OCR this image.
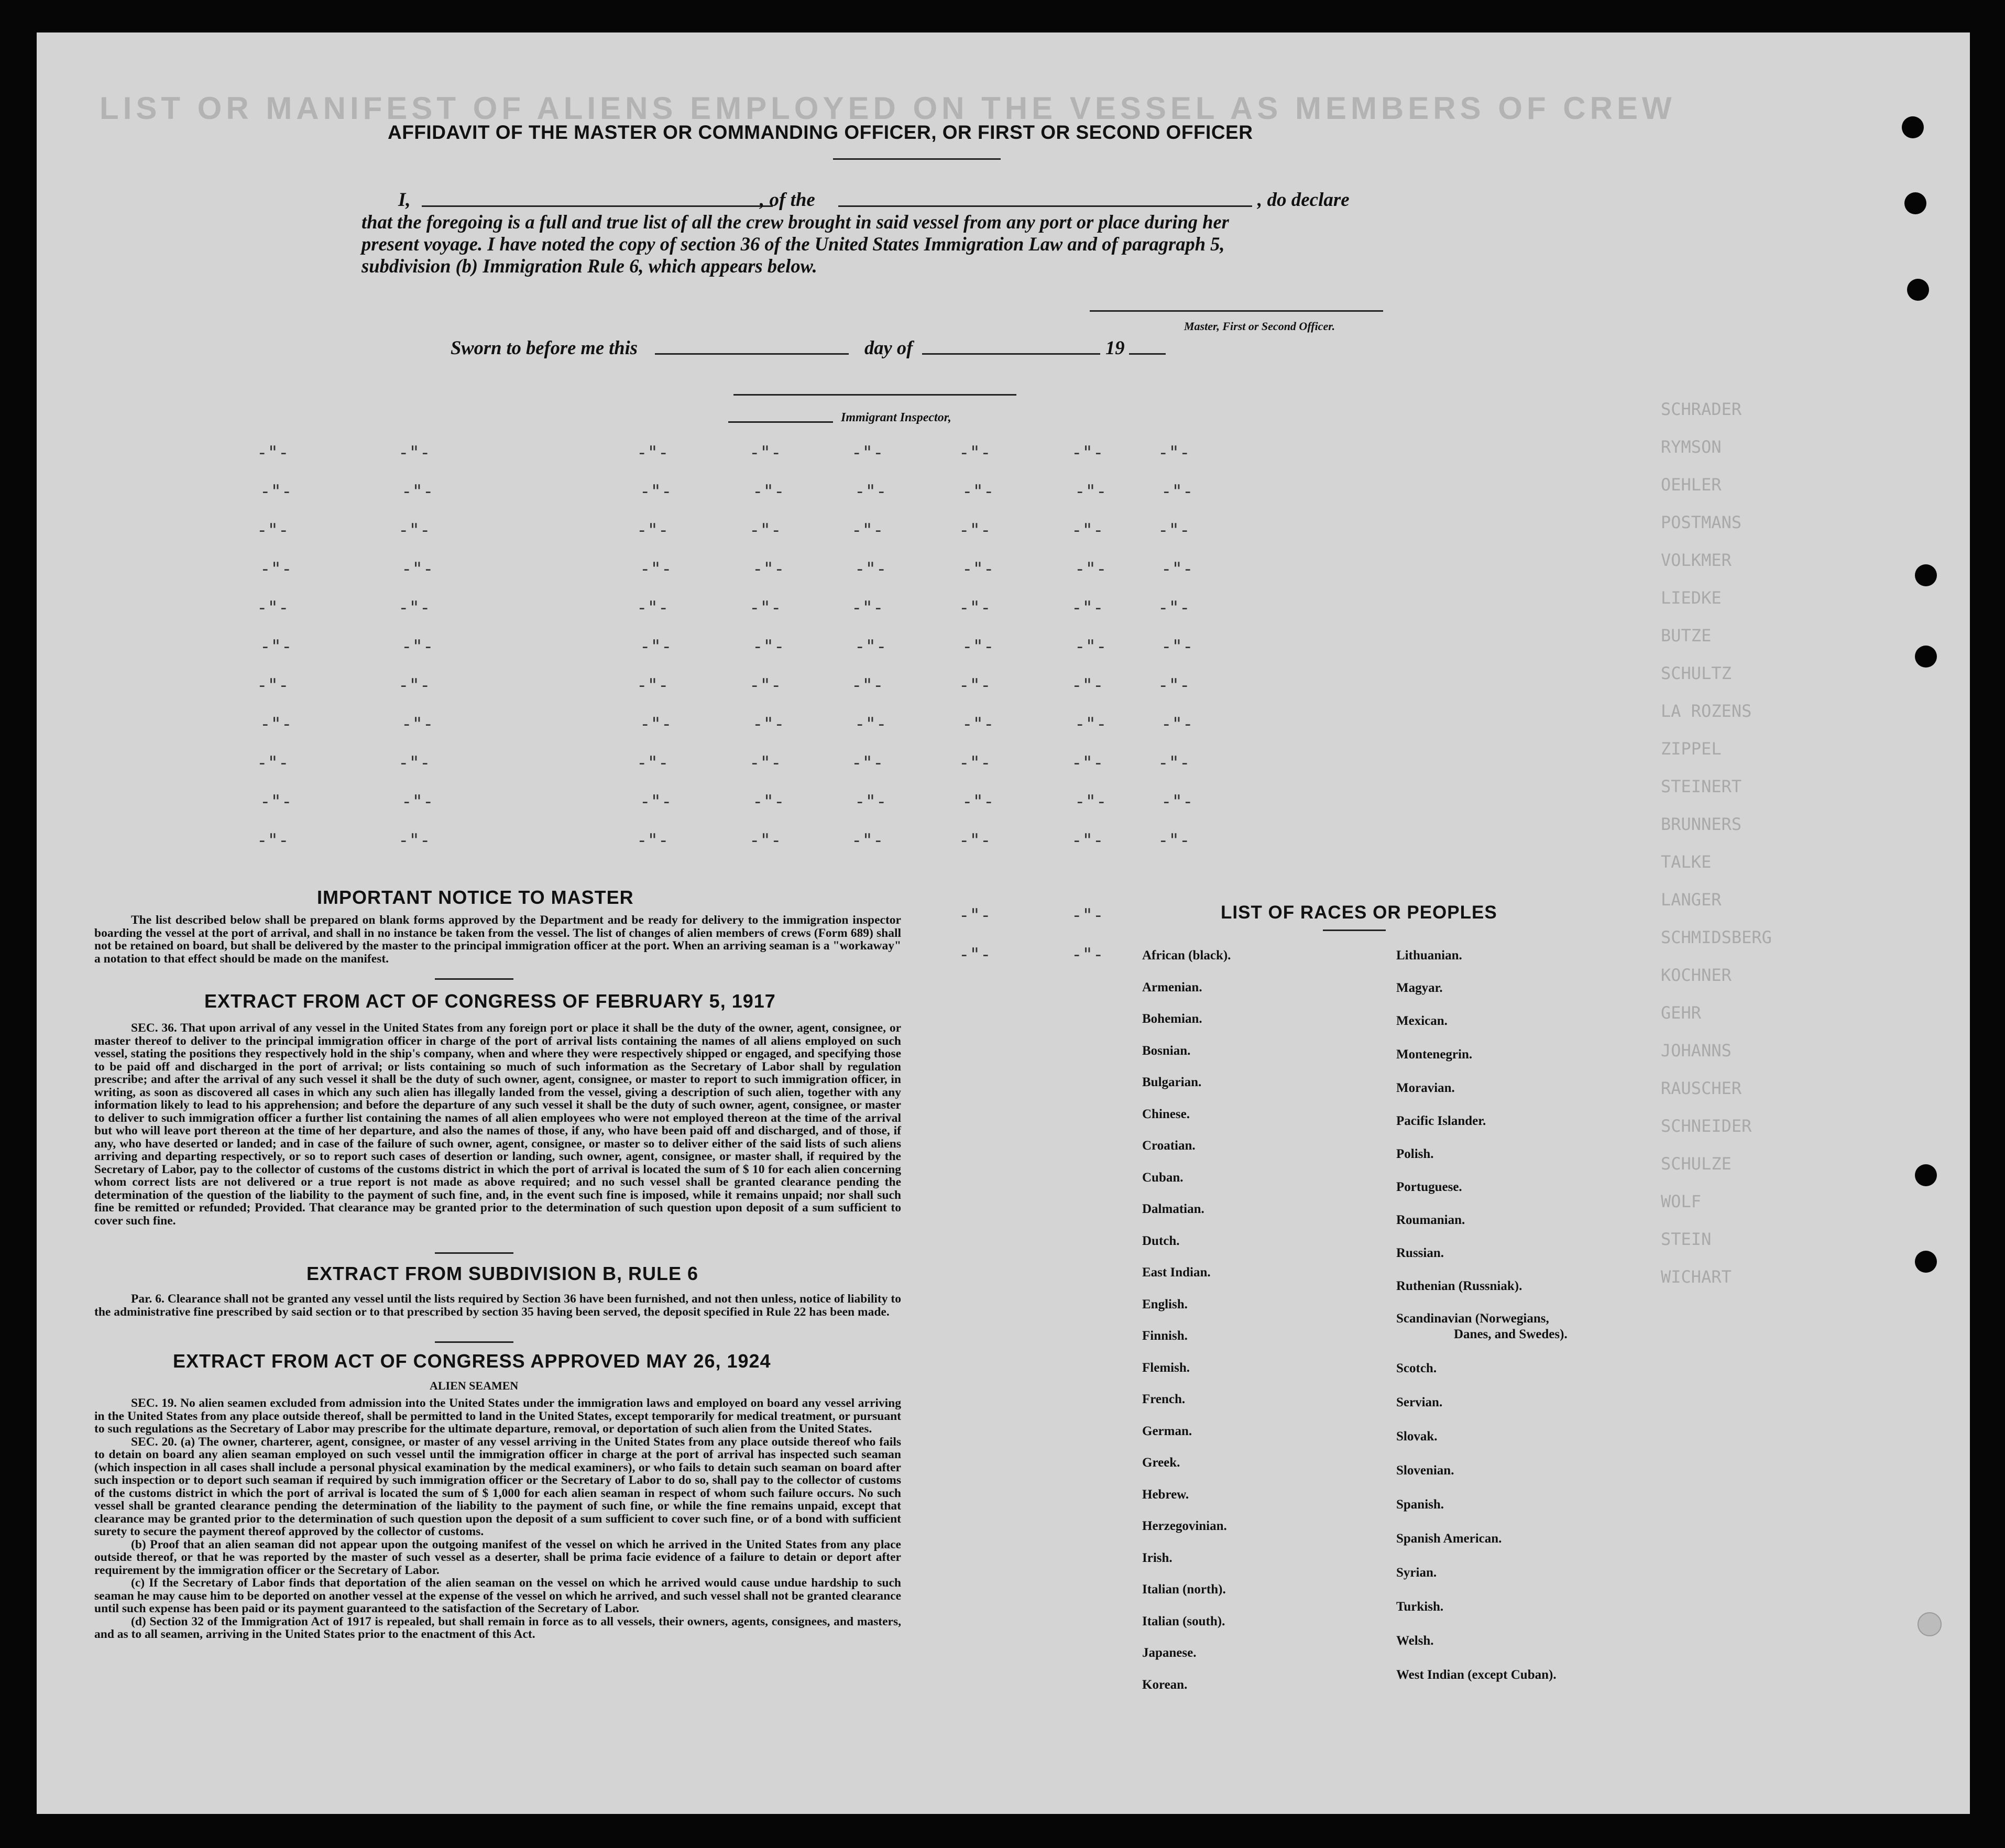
LIST OR MANIFEST OF ALIENS EMPLOYED ON THE VESSEL AS MEMBERS OF CREW
SCHRADER
RYMSON
OEHLER
POSTMANS
VOLKMER
LIEDKE
BUTZE
SCHULTZ
LA ROZENS
ZIPPEL
STEINERT
BRUNNERS
TALKE
LANGER
SCHMIDSBERG
KOCHNER
GEHR
JOHANNS
RAUSCHER
SCHNEIDER
SCHULZE
WOLF
STEIN
WICHART
AFFIDAVIT OF THE MASTER OR COMMANDING OFFICER, OR FIRST OR SECOND OFFICER
I,	, of the	, do declare
that the foregoing is a full and true list of all the crew brought in said vessel from any port or place during her
present voyage. I have noted the copy of section 36 of the United States Immigration Law and of paragraph 5,
subdivision (b) Immigration Rule 6, which appears below.
Master, First or Second Officer.
Sworn to before me this	day of	19
Immigrant Inspector,
-"-	-"-	-"-	-"-	-"-	-"-	-"-	-"-
-"-	-"-	-"-	-"-	-"-	-"-	-"-	-"-
-"-	-"-	-"-	-"-	-"-	-"-	-"-	-"-
-"-	-"-	-"-	-"-	-"-	-"-	-"-	-"-
-"-	-"-	-"-	-"-	-"-	-"-	-"-	-"-
-"-	-"-	-"-	-"-	-"-	-"-	-"-	-"-
-"-	-"-	-"-	-"-	-"-	-"-	-"-	-"-
-"-	-"-	-"-	-"-	-"-	-"-	-"-	-"-
-"-	-"-	-"-	-"-	-"-	-"-	-"-	-"-
-"-	-"-	-"-	-"-	-"-	-"-	-"-	-"-
-"-	-"-	-"-	-"-	-"-	-"-	-"-	-"-
-"-	-"-
-"-	-"-
IMPORTANT NOTICE TO MASTER

The list described below shall be prepared on blank forms approved by the Department and be ready for delivery to the immigration inspector boarding the vessel at the port of arrival, and shall in no instance be taken from the vessel. The list of changes of alien members of crews (Form 689) shall not be retained on board, but shall be delivered by the master to the principal immigration officer at the port. When an arriving seaman is a "workaway" a notation to that effect should be made on the manifest.

EXTRACT FROM ACT OF CONGRESS OF FEBRUARY 5, 1917

SEC. 36. That upon arrival of any vessel in the United States from any foreign port or place it shall be the duty of the owner, agent, consignee, or master thereof to deliver to the principal immigration officer in charge of the port of arrival lists containing the names of all aliens employed on such vessel, stating the positions they respectively hold in the ship's company, when and where they were respectively shipped or engaged, and specifying those to be paid off and discharged in the port of arrival; or lists containing so much of such information as the Secretary of Labor shall by regulation prescribe; and after the arrival of any such vessel it shall be the duty of such owner, agent, consignee, or master to report to such immigration officer, in writing, as soon as discovered all cases in which any such alien has illegally landed from the vessel, giving a description of such alien, together with any information likely to lead to his apprehension; and before the departure of any such vessel it shall be the duty of such owner, agent, consignee, or master to deliver to such immigration officer a further list containing the names of all alien employees who were not employed thereon at the time of the arrival but who will leave port thereon at the time of her departure, and also the names of those, if any, who have been paid off and discharged, and of those, if any, who have deserted or landed; and in case of the failure of such owner, agent, consignee, or master so to deliver either of the said lists of such aliens arriving and departing respectively, or so to report such cases of desertion or landing, such owner, agent, consignee, or master shall, if required by the Secretary of Labor, pay to the collector of customs of the customs district in which the port of arrival is located the sum of $ 10 for each alien concerning whom correct lists are not delivered or a true report is not made as above required; and no such vessel shall be granted clearance pending the determination of the question of the liability to the payment of such fine, and, in the event such fine is imposed, while it remains unpaid; nor shall such fine be remitted or refunded; Provided. That clearance may be granted prior to the determination of such question upon deposit of a sum sufficient to cover such fine.

EXTRACT FROM SUBDIVISION B, RULE 6

Par. 6. Clearance shall not be granted any vessel until the lists required by Section 36 have been furnished, and not then unless, notice of liability to the administrative fine prescribed by said section or to that prescribed by section 35 having been served, the deposit specified in Rule 22 has been made.

EXTRACT FROM ACT OF CONGRESS APPROVED MAY 26, 1924
ALIEN SEAMEN

SEC. 19. No alien seamen excluded from admission into the United States under the immigration laws and employed on board any vessel arriving in the United States from any place outside thereof, shall be permitted to land in the United States, except temporarily for medical treatment, or pursuant to such regulations as the Secretary of Labor may prescribe for the ultimate departure, removal, or deportation of such alien from the United States.

SEC. 20. (a) The owner, charterer, agent, consignee, or master of any vessel arriving in the United States from any place outside thereof who fails to detain on board any alien seaman employed on such vessel until the immigration officer in charge at the port of arrival has inspected such seaman (which inspection in all cases shall include a personal physical examination by the medical examiners), or who fails to detain such seaman on board after such inspection or to deport such seaman if required by such immigration officer or the Secretary of Labor to do so, shall pay to the collector of customs of the customs district in which the port of arrival is located the sum of $ 1,000 for each alien seaman in respect of whom such failure occurs. No such vessel shall be granted clearance pending the determination of the liability to the payment of such fine, or while the fine remains unpaid, except that clearance may be granted prior to the determination of such question upon the deposit of a sum sufficient to cover such fine, or of a bond with sufficient surety to secure the payment thereof approved by the collector of customs.

(b) Proof that an alien seaman did not appear upon the outgoing manifest of the vessel on which he arrived in the United States from any place outside thereof, or that he was reported by the master of such vessel as a deserter, shall be prima facie evidence of a failure to detain or deport after requirement by the immigration officer or the Secretary of Labor.

(c) If the Secretary of Labor finds that deportation of the alien seaman on the vessel on which he arrived would cause undue hardship to such seaman he may cause him to be deported on another vessel at the expense of the vessel on which he arrived, and such vessel shall not be granted clearance until such expense has been paid or its payment guaranteed to the satisfaction of the Secretary of Labor.

(d) Section 32 of the Immigration Act of 1917 is repealed, but shall remain in force as to all vessels, their owners, agents, consignees, and masters, and as to all seamen, arriving in the United States prior to the enactment of this Act.

LIST OF RACES OR PEOPLES
African (black).
Armenian.
Bohemian.
Bosnian.
Bulgarian.
Chinese.
Croatian.
Cuban.
Dalmatian.
Dutch.
East Indian.
English.
Finnish.
Flemish.
French.
German.
Greek.
Hebrew.
Herzegovinian.
Irish.
Italian (north).
Italian (south).
Japanese.
Korean.
Lithuanian.
Magyar.
Mexican.
Montenegrin.
Moravian.
Pacific Islander.
Polish.
Portuguese.
Roumanian.
Russian.
Ruthenian (Russniak).
Scandinavian (Norwegians,
Danes, and Swedes).
Scotch.
Servian.
Slovak.
Slovenian.
Spanish.
Spanish American.
Syrian.
Turkish.
Welsh.
West Indian (except Cuban).
